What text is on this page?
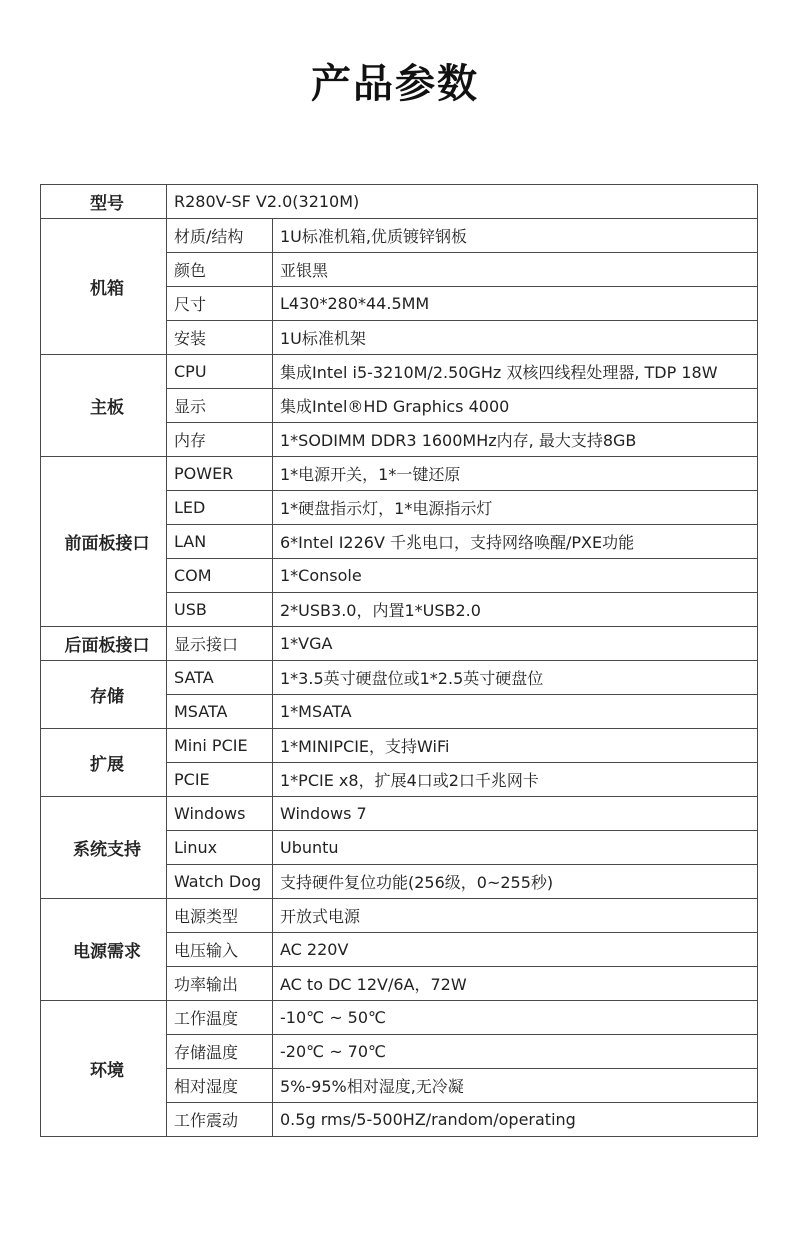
产品参数
型号	R280V-SF V2.0(3210M)	
机箱	材质/结构	1U标准机箱,优质镀锌钢板
	颜色	亚银黑
	尺寸	L430*280*44.5MM
	安装	1U标准机架
主板	CPU	集成Intel i5-3210M/2.50GHz 双核四线程处理器, TDP 18W
	显示	集成Intel®HD Graphics 4000
	内存	1*SODIMM DDR3 1600MHz内存, 最大支持8GB
前面板接口	POWER	1*电源开关，1*一键还原
	LED	1*硬盘指示灯，1*电源指示灯
	LAN	6*Intel I226V 千兆电口，支持网络唤醒/PXE功能
	COM	1*Console
	USB	2*USB3.0，内置1*USB2.0
后面板接口	显示接口	1*VGA
存储	SATA	1*3.5英寸硬盘位或1*2.5英寸硬盘位
	MSATA	1*MSATA
扩展	Mini PCIE	1*MINIPCIE，支持WiFi
	PCIE	1*PCIE x8，扩展4口或2口千兆网卡
系统支持	Windows	Windows 7
	Linux	Ubuntu
	Watch Dog	支持硬件复位功能(256级，0~255秒)
电源需求	电源类型	开放式电源
	电压输入	AC 220V
	功率输出	AC to DC 12V/6A，72W
环境	工作温度	-10℃ ~ 50℃
	存储温度	-20℃ ~ 70℃
	相对湿度	5%-95%相对湿度,无冷凝
	工作震动	0.5g rms/5-500HZ/random/operating
